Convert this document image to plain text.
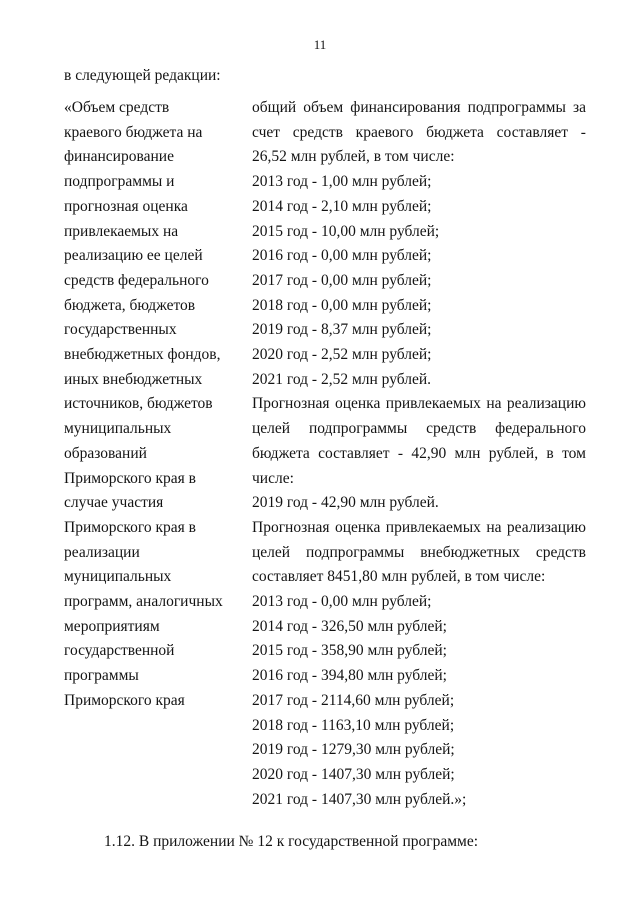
11
в следующей редакции:
«Объем средств
краевого бюджета на
финансирование
подпрограммы и
прогнозная оценка
привлекаемых на
реализацию ее целей
средств федерального
бюджета, бюджетов
государственных
внебюджетных фондов,
иных внебюджетных
источников, бюджетов
муниципальных
образований
Приморского края в
случае участия
Приморского края в
реализации
муниципальных
программ, аналогичных
мероприятиям
государственной
программы
Приморского края
общий объем финансирования подпрограммы за
счет средств краевого бюджета составляет -
26,52 млн рублей, в том числе:
2013 год - 1,00 млн рублей;
2014 год - 2,10 млн рублей;
2015 год - 10,00 млн рублей;
2016 год - 0,00 млн рублей;
2017 год - 0,00 млн рублей;
2018 год - 0,00 млн рублей;
2019 год - 8,37 млн рублей;
2020 год - 2,52 млн рублей;
2021 год - 2,52 млн рублей.
Прогнозная оценка привлекаемых на реализацию
целей подпрограммы средств федерального
бюджета составляет - 42,90 млн рублей, в том
числе:
2019 год - 42,90 млн рублей.
Прогнозная оценка привлекаемых на реализацию
целей подпрограммы внебюджетных средств
составляет 8451,80 млн рублей, в том числе:
2013 год - 0,00 млн рублей;
2014 год - 326,50 млн рублей;
2015 год - 358,90 млн рублей;
2016 год - 394,80 млн рублей;
2017 год - 2114,60 млн рублей;
2018 год - 1163,10 млн рублей;
2019 год - 1279,30 млн рублей;
2020 год - 1407,30 млн рублей;
2021 год - 1407,30 млн рублей.»;
1.12. В приложении № 12 к государственной программе:
